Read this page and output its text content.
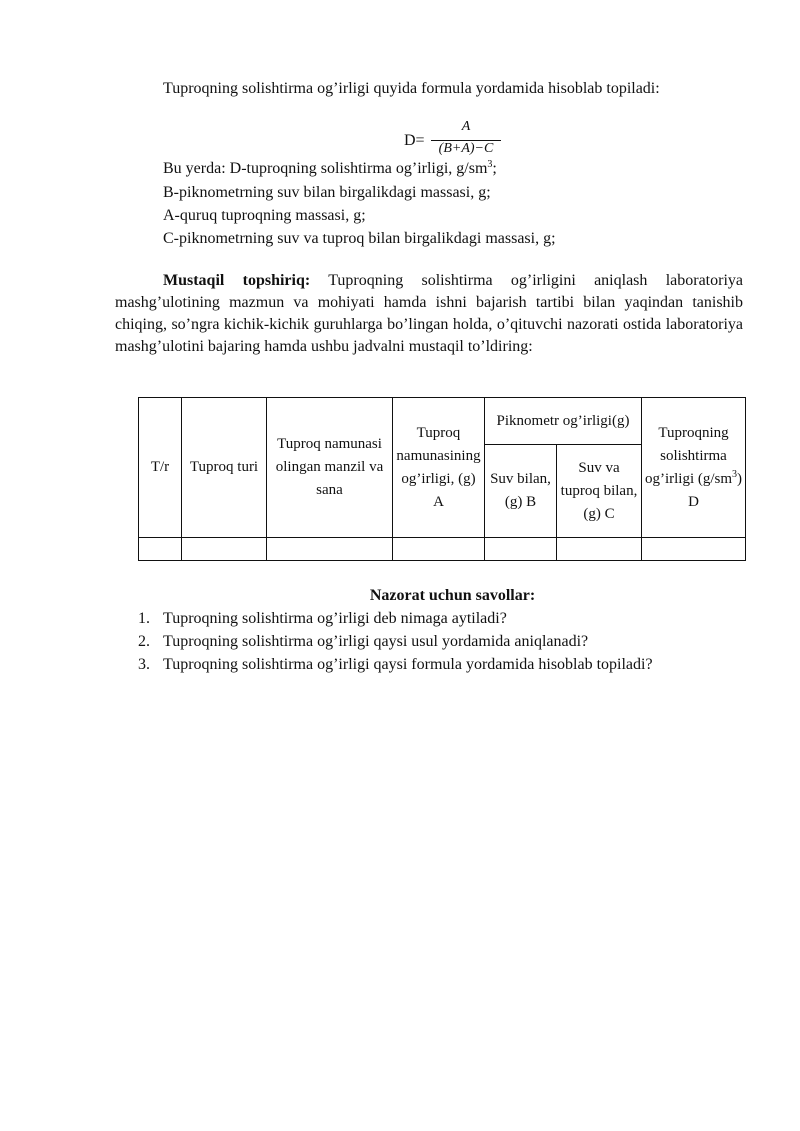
Tuproqning solishtirma og’irligi quyida formula yordamida hisoblab topiladi:
D=
A
(B+A)−C
Bu yerda: D-tuproqning solishtirma og’irligi, $g/sm^3$;
B-piknometrning suv bilan birgalikdagi massasi, g;
A-quruq tuproqning massasi, g;
C-piknometrning suv va tuproq bilan birgalikdagi massasi, g;
Mustaqil topshiriq: Tuproqning solishtirma og’irligini aniqlash laboratoriya mashg’ulotining mazmun va mohiyati hamda ishni bajarish tartibi bilan yaqindan tanishib chiqing, so’ngra kichik-kichik guruhlarga bo’lingan holda, o’qituvchi nazorati ostida laboratoriya mashg’ulotini bajaring hamda ushbu jadvalni mustaqil to’ldiring:
T/r	Tuproq turi	Tuproq namunasi olingan manzil va sana	Tuproq namunasining og’irligi, (g) A	Piknometr og’irligi(g)		Tuproqning solishtirma og’irligi $(g/sm^3)$ D
				Suv bilan, (g) B	Suv va tuproq bilan, (g) C	

Nazorat uchun savollar:
1. Tuproqning solishtirma og’irligi deb nimaga aytiladi?
2. Tuproqning solishtirma og’irligi qaysi usul yordamida aniqlanadi?
3. Tuproqning solishtirma og’irligi qaysi formula yordamida hisoblab topiladi?
